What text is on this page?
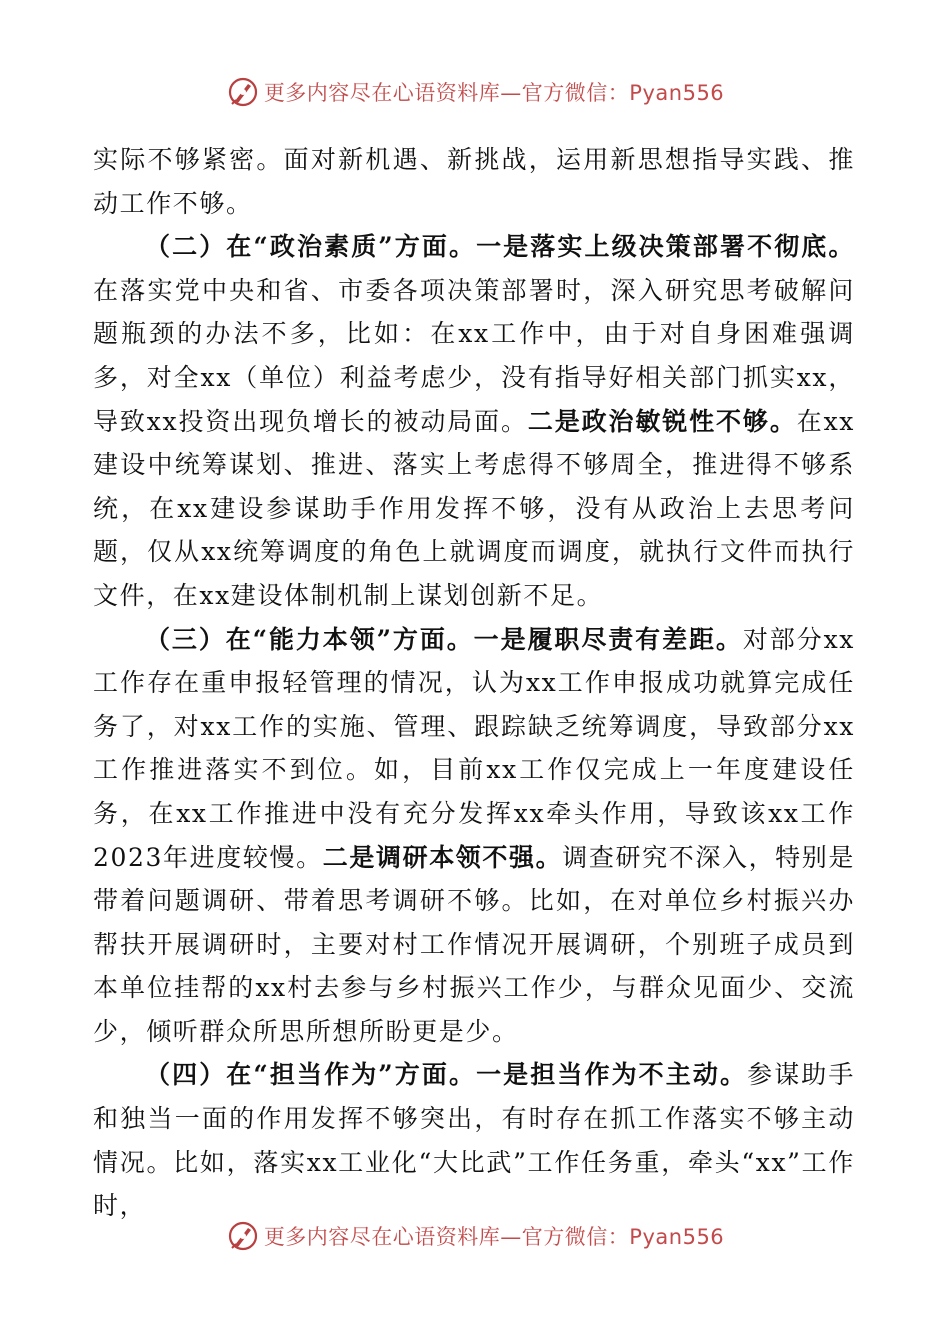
更多内容尽在心语资料库—官方微信：Pyan556

实际不够紧密。面对新机遇、新挑战，运用新思想指导实践、推动工作不够。

（二）在“政治素质”方面。一是落实上级决策部署不彻底。在落实党中央和省、市委各项决策部署时，深入研究思考破解问题瓶颈的办法不多，比如：在xx工作中，由于对自身困难强调多，对全xx（单位）利益考虑少，没有指导好相关部门抓实xx，导致xx投资出现负增长的被动局面。二是政治敏锐性不够。在xx建设中统筹谋划、推进、落实上考虑得不够周全，推进得不够系统，在xx建设参谋助手作用发挥不够，没有从政治上去思考问题，仅从xx统筹调度的角色上就调度而调度，就执行文件而执行文件，在xx建设体制机制上谋划创新不足。

（三）在“能力本领”方面。一是履职尽责有差距。对部分xx工作存在重申报轻管理的情况，认为xx工作申报成功就算完成任务了，对xx工作的实施、管理、跟踪缺乏统筹调度，导致部分xx工作推进落实不到位。如，目前xx工作仅完成上一年度建设任务，在xx工作推进中没有充分发挥xx牵头作用，导致该xx工作2023年进度较慢。二是调研本领不强。调查研究不深入，特别是带着问题调研、带着思考调研不够。比如，在对单位乡村振兴办帮扶开展调研时，主要对村工作情况开展调研，个别班子成员到本单位挂帮的xx村去参与乡村振兴工作少，与群众见面少、交流少，倾听群众所思所想所盼更是少。

（四）在“担当作为”方面。一是担当作为不主动。参谋助手和独当一面的作用发挥不够突出，有时存在抓工作落实不够主动情况。比如，落实xx工业化“大比武”工作任务重，牵头“xx”工作时，

更多内容尽在心语资料库—官方微信：Pyan556
